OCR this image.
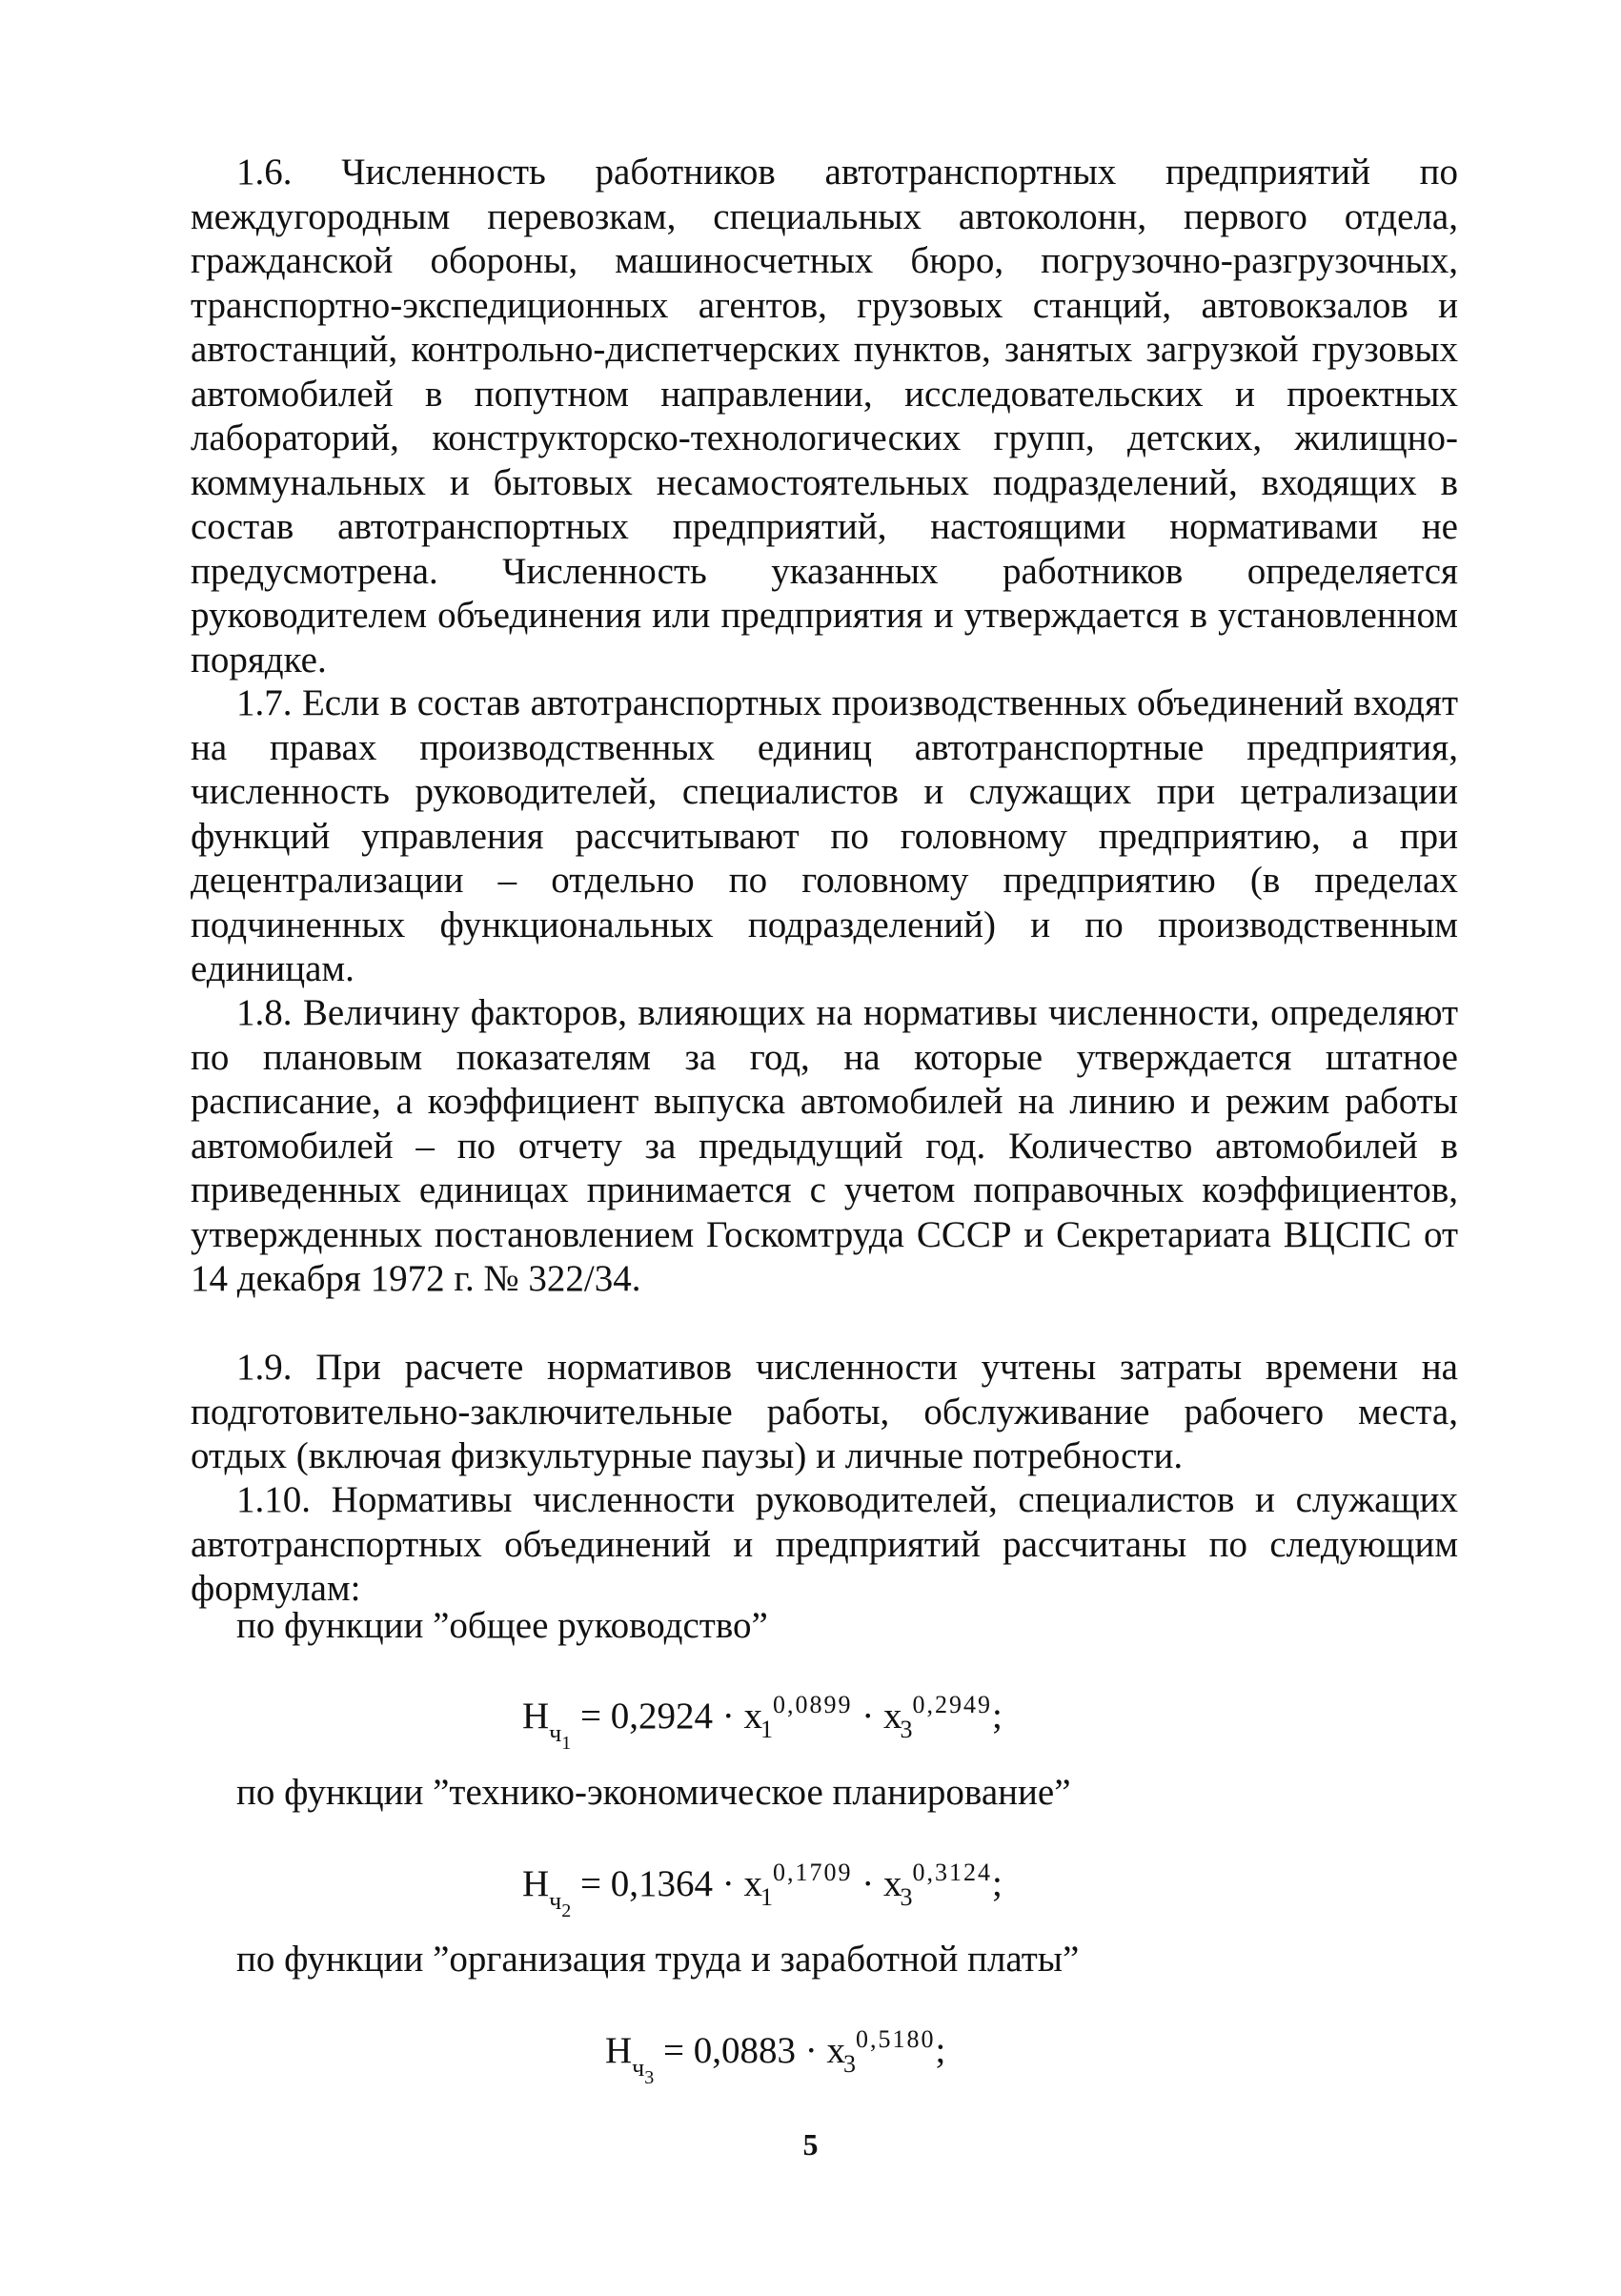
1.6. Численность работников автотранспортных предприятий по междугородным перевозкам, специальных автоколонн, первого отдела, гражданской обороны, машиносчетных бюро, погрузочно-разгрузочных, транспортно-экспедиционных агентов, грузовых станций, автовокзалов и автостанций, контрольно-диспетчерских пунктов, занятых загрузкой грузовых автомобилей в попутном направлении, исследовательских и проектных лабораторий, конструкторско-технологических групп, детских, жилищно-коммунальных и бытовых несамостоятельных подразделений, входящих в состав автотранспортных предприятий, настоящими нормативами не предусмотрена. Численность указанных работников определяется руководителем объединения или предприятия и утверждается в установленном порядке.

1.7. Если в состав автотранспортных производственных объединений входят на правах производственных единиц автотранспортные предприятия, численность руководителей, специалистов и служащих при цетрализации функций управления рассчитывают по головному предприятию, а при децентрализации – отдельно по головному предприятию (в пределах подчиненных функциональных подразделений) и по производственным единицам.

1.8. Величину факторов, влияющих на нормативы численности, определяют по плановым показателям за год, на которые утверждается штатное расписание, а коэффициент выпуска автомобилей на линию и режим работы автомобилей – по отчету за предыдущий год. Количество автомобилей в приведенных единицах принимается с учетом поправочных коэффициентов, утвержденных постановлением Госкомтруда СССР и Секретариата ВЦСПС от 14 декабря 1972 г. № 322/34.

1.9. При расчете нормативов численности учтены затраты времени на подготовительно-заключительные работы, обслуживание рабочего места, отдых (включая физкультурные паузы) и личные потребности.

1.10. Нормативы численности руководителей, специалистов и служащих автотранспортных объединений и предприятий рассчитаны по следующим формулам:

по функции ”общее руководство”

$Н_{ч_1} = 0,2924 \cdot x_1^{0,0899} \cdot x_3^{0,2949}$;

по функции ”технико-экономическое планирование”

$Н_{ч_2} = 0,1364 \cdot x_1^{0,1709} \cdot x_3^{0,3124}$;

по функции ”организация труда и заработной платы”

$Н_{ч_3} = 0,0883 \cdot x_3^{0,5180}$;

5
